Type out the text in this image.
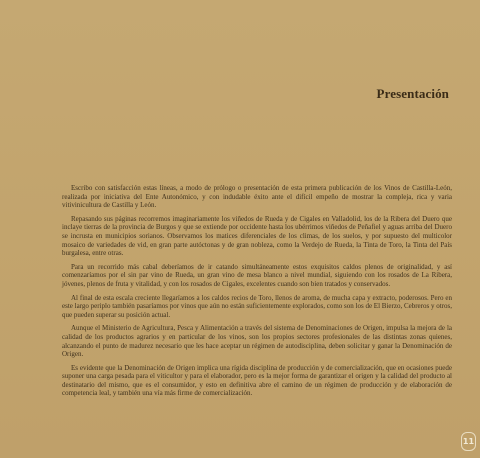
Presentación

Escribo con satisfacción estas líneas, a modo de prólogo o presentación de esta primera publicación de los Vinos de Castilla-León, realizada por iniciativa del Ente Autonómico, y con indudable éxito ante el difícil empeño de mostrar la compleja, rica y varia vitivinicultura de Castilla y León.

Repasando sus páginas recorremos imaginariamente los viñedos de Rueda y de Cigales en Valladolid, los de la Ribera del Duero que inclaye tierras de la provincia de Burgos y que se extiende por occidente hasta los ubérrimos viñedos de Peñafiel y aguas arriba del Duero se incrusta en municipios sorianos. Observamos los matices diferenciales de los climas, de los suelos, y por supuesto del multicolor mosaico de variedades de vid, en gran parte autóctonas y de gran nobleza, como la Verdejo de Rueda, la Tinta de Toro, la Tinta del País burgalesa, entre otras.

Para un recorrido más cabal deberíamos de ir catando simultáneamente estos exquisitos caldos plenos de originalidad, y así comenzaríamos por el sin par vino de Rueda, un gran vino de mesa blanco a nivel mundial, siguiendo con los rosados de La Ribera, jóvenes, plenos de fruta y vitalidad, y con los rosados de Cigales, excelentes cuando son bien tratados y conservados.

Al final de esta escala creciente llegaríamos a los caldos recios de Toro, llenos de aroma, de mucha capa y extracto, poderosos. Pero en este largo periplo también pasaríamos por vinos que aún no están suficientemente explorados, como son los de El Bierzo, Cebreros y otros, que pueden superar su posición actual.

Aunque el Ministerio de Agricultura, Pesca y Alimentación a través del sistema de Denominaciones de Origen, impulsa la mejora de la calidad de los productos agrarios y en particular de los vinos, son los propios sectores profesionales de las distintas zonas quienes, alcanzando el punto de madurez necesario que les hace aceptar un régimen de autodisciplina, deben solicitar y ganar la Denominación de Origen.

Es evidente que la Denominación de Origen implica una rígida disciplina de producción y de comercialización, que en ocasiones puede suponer una carga pesada para el viticultor y para el elaborador, pero es la mejor forma de garantizar el origen y la calidad del producto al destinatario del mismo, que es el consumidor, y esto en definitiva abre el camino de un régimen de producción y de elaboración de competencia leal, y también una vía más firme de comercialización.

11
